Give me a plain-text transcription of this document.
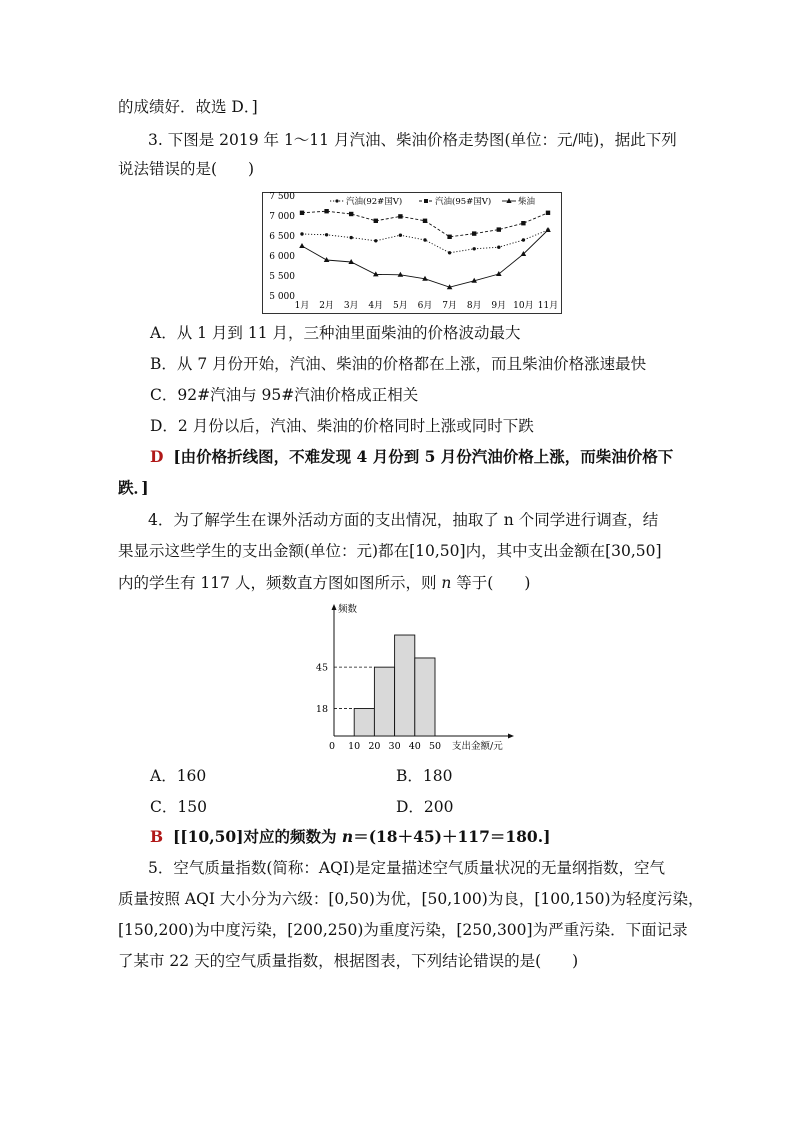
的成绩好．故选 D．]
3. 下图是 2019 年 1～11 月汽油、柴油价格走势图(单位：元/吨)，据此下列
说法错误的是(　　)
7 500
7 000
6 500
6 000
5 500
5 000
1月 2月 3月 4月 5月 6月 7月 8月 9月 10月 11月
汽油(92#国V)	汽油(95#国V)	柴油
A．从 1 月到 11 月，三种油里面柴油的价格波动最大
B．从 7 月份开始，汽油、柴油的价格都在上涨，而且柴油价格涨速最快
C．92#汽油与 95#汽油价格成正相关
D．2 月份以后，汽油、柴油的价格同时上涨或同时下跌
D [由价格折线图，不难发现 4 月份到 5 月份汽油价格上涨，而柴油价格下
跌．]
4．为了解学生在课外活动方面的支出情况，抽取了 n 个同学进行调查，结
果显示这些学生的支出金额(单位：元)都在[10,50]内，其中支出金额在[30,50]
内的学生有 117 人，频数直方图如图所示，则 n 等于(　　)
频数
支出金额/元
0 10 20 30 40 50
18
45
A．160	B．180
C．150	D．200
B [[10,50]对应的频数为 n＝(18＋45)＋117＝180.]
5．空气质量指数(简称：AQI)是定量描述空气质量状况的无量纲指数，空气
质量按照 AQI 大小分为六级：[0,50)为优，[50,100)为良，[100,150)为轻度污染，
[150,200)为中度污染，[200,250)为重度污染，[250,300]为严重污染．下面记录
了某市 22 天的空气质量指数，根据图表，下列结论错误的是(　　)
